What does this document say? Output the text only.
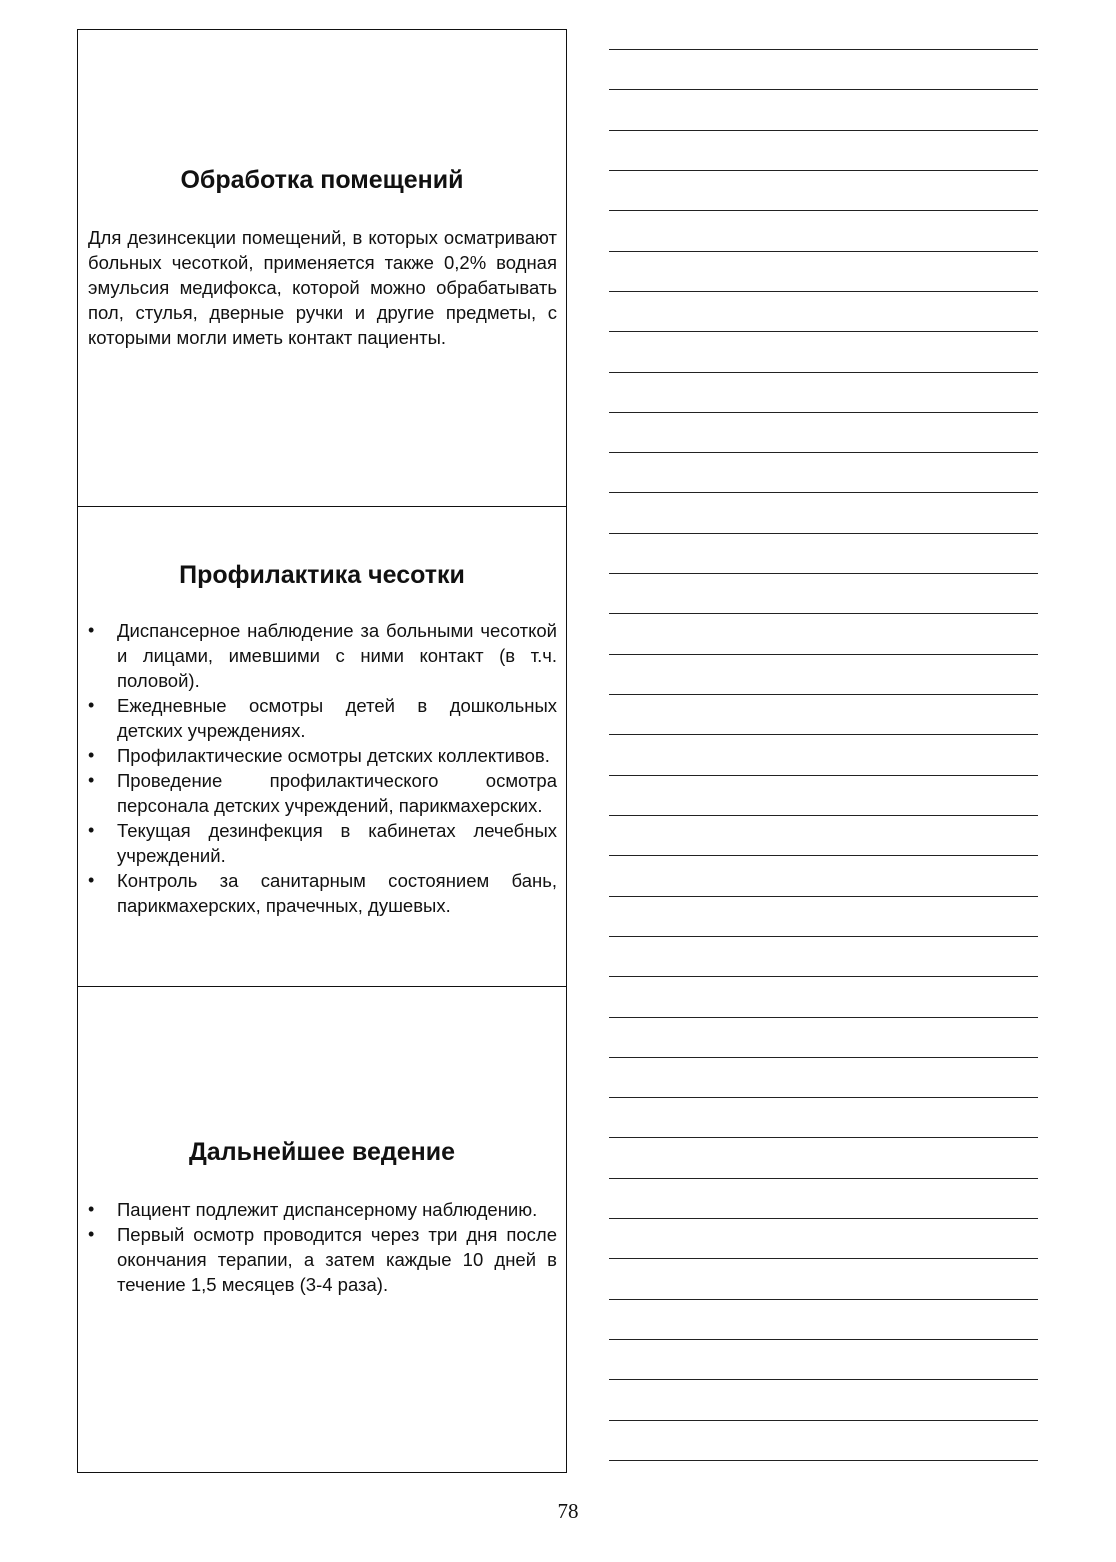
Обработка помещений

Для дезинсекции помещений, в которых осматривают больных чесоткой, применяется также 0,2% водная эмульсия медифокса, которой можно обрабатывать пол, стулья, дверные ручки и другие предметы, с которыми могли иметь контакт пациенты.

Профилактика чесотки
• Диспансерное наблюдение за больными чесоткой и лицами, имевшими с ними контакт (в т.ч. половой).
• Ежедневные осмотры детей в дошкольных детских учреждениях.
• Профилактические осмотры детских коллективов.
• Проведение профилактического осмотра персонала детских учреждений, парикмахерских.
• Текущая дезинфекция в кабинетах лечебных учреждений.
• Контроль за санитарным состоянием бань, парикмахерских, прачечных, душевых.
Дальнейшее ведение
• Пациент подлежит диспансерному наблюдению.
• Первый осмотр проводится через три дня после окончания терапии, а затем каждые 10 дней в течение 1,5 месяцев (3-4 раза).
78
